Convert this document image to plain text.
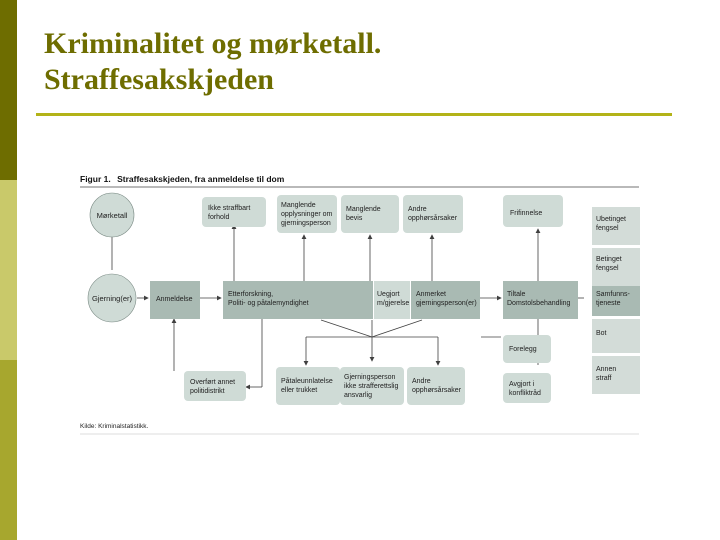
Kriminalitet og mørketall.
Straffesakskjeden
Figur 1. Straffesakskjeden, fra anmeldelse til dom
Mørketall
Gjerning(er)	Anmeldelse
Etterforskning,
Politi- og påtalemyndighet
Uegjort
m/gjerelse
Anmerket
gjerningsperson(er)
Tiltale
Domstolsbehandling
Ikke straffbart
forhold
Manglende
opplysninger om
gjerningsperson
Manglende
bevis
Andre
opphørsårsaker
Frifinnelse
Overført annet
politidistrikt
Påtaleunnlatelse
eller trukket
Gjerningsperson
ikke strafferettslig
ansvarlig
Andre
opphørsårsaker
Forelegg
Avgjort i
konfliktråd
Ubetinget
fengsel
Betinget
fengsel
Samfunns-
tjeneste
Bot
Annen
straff
Kilde: Kriminalstatistikk.
